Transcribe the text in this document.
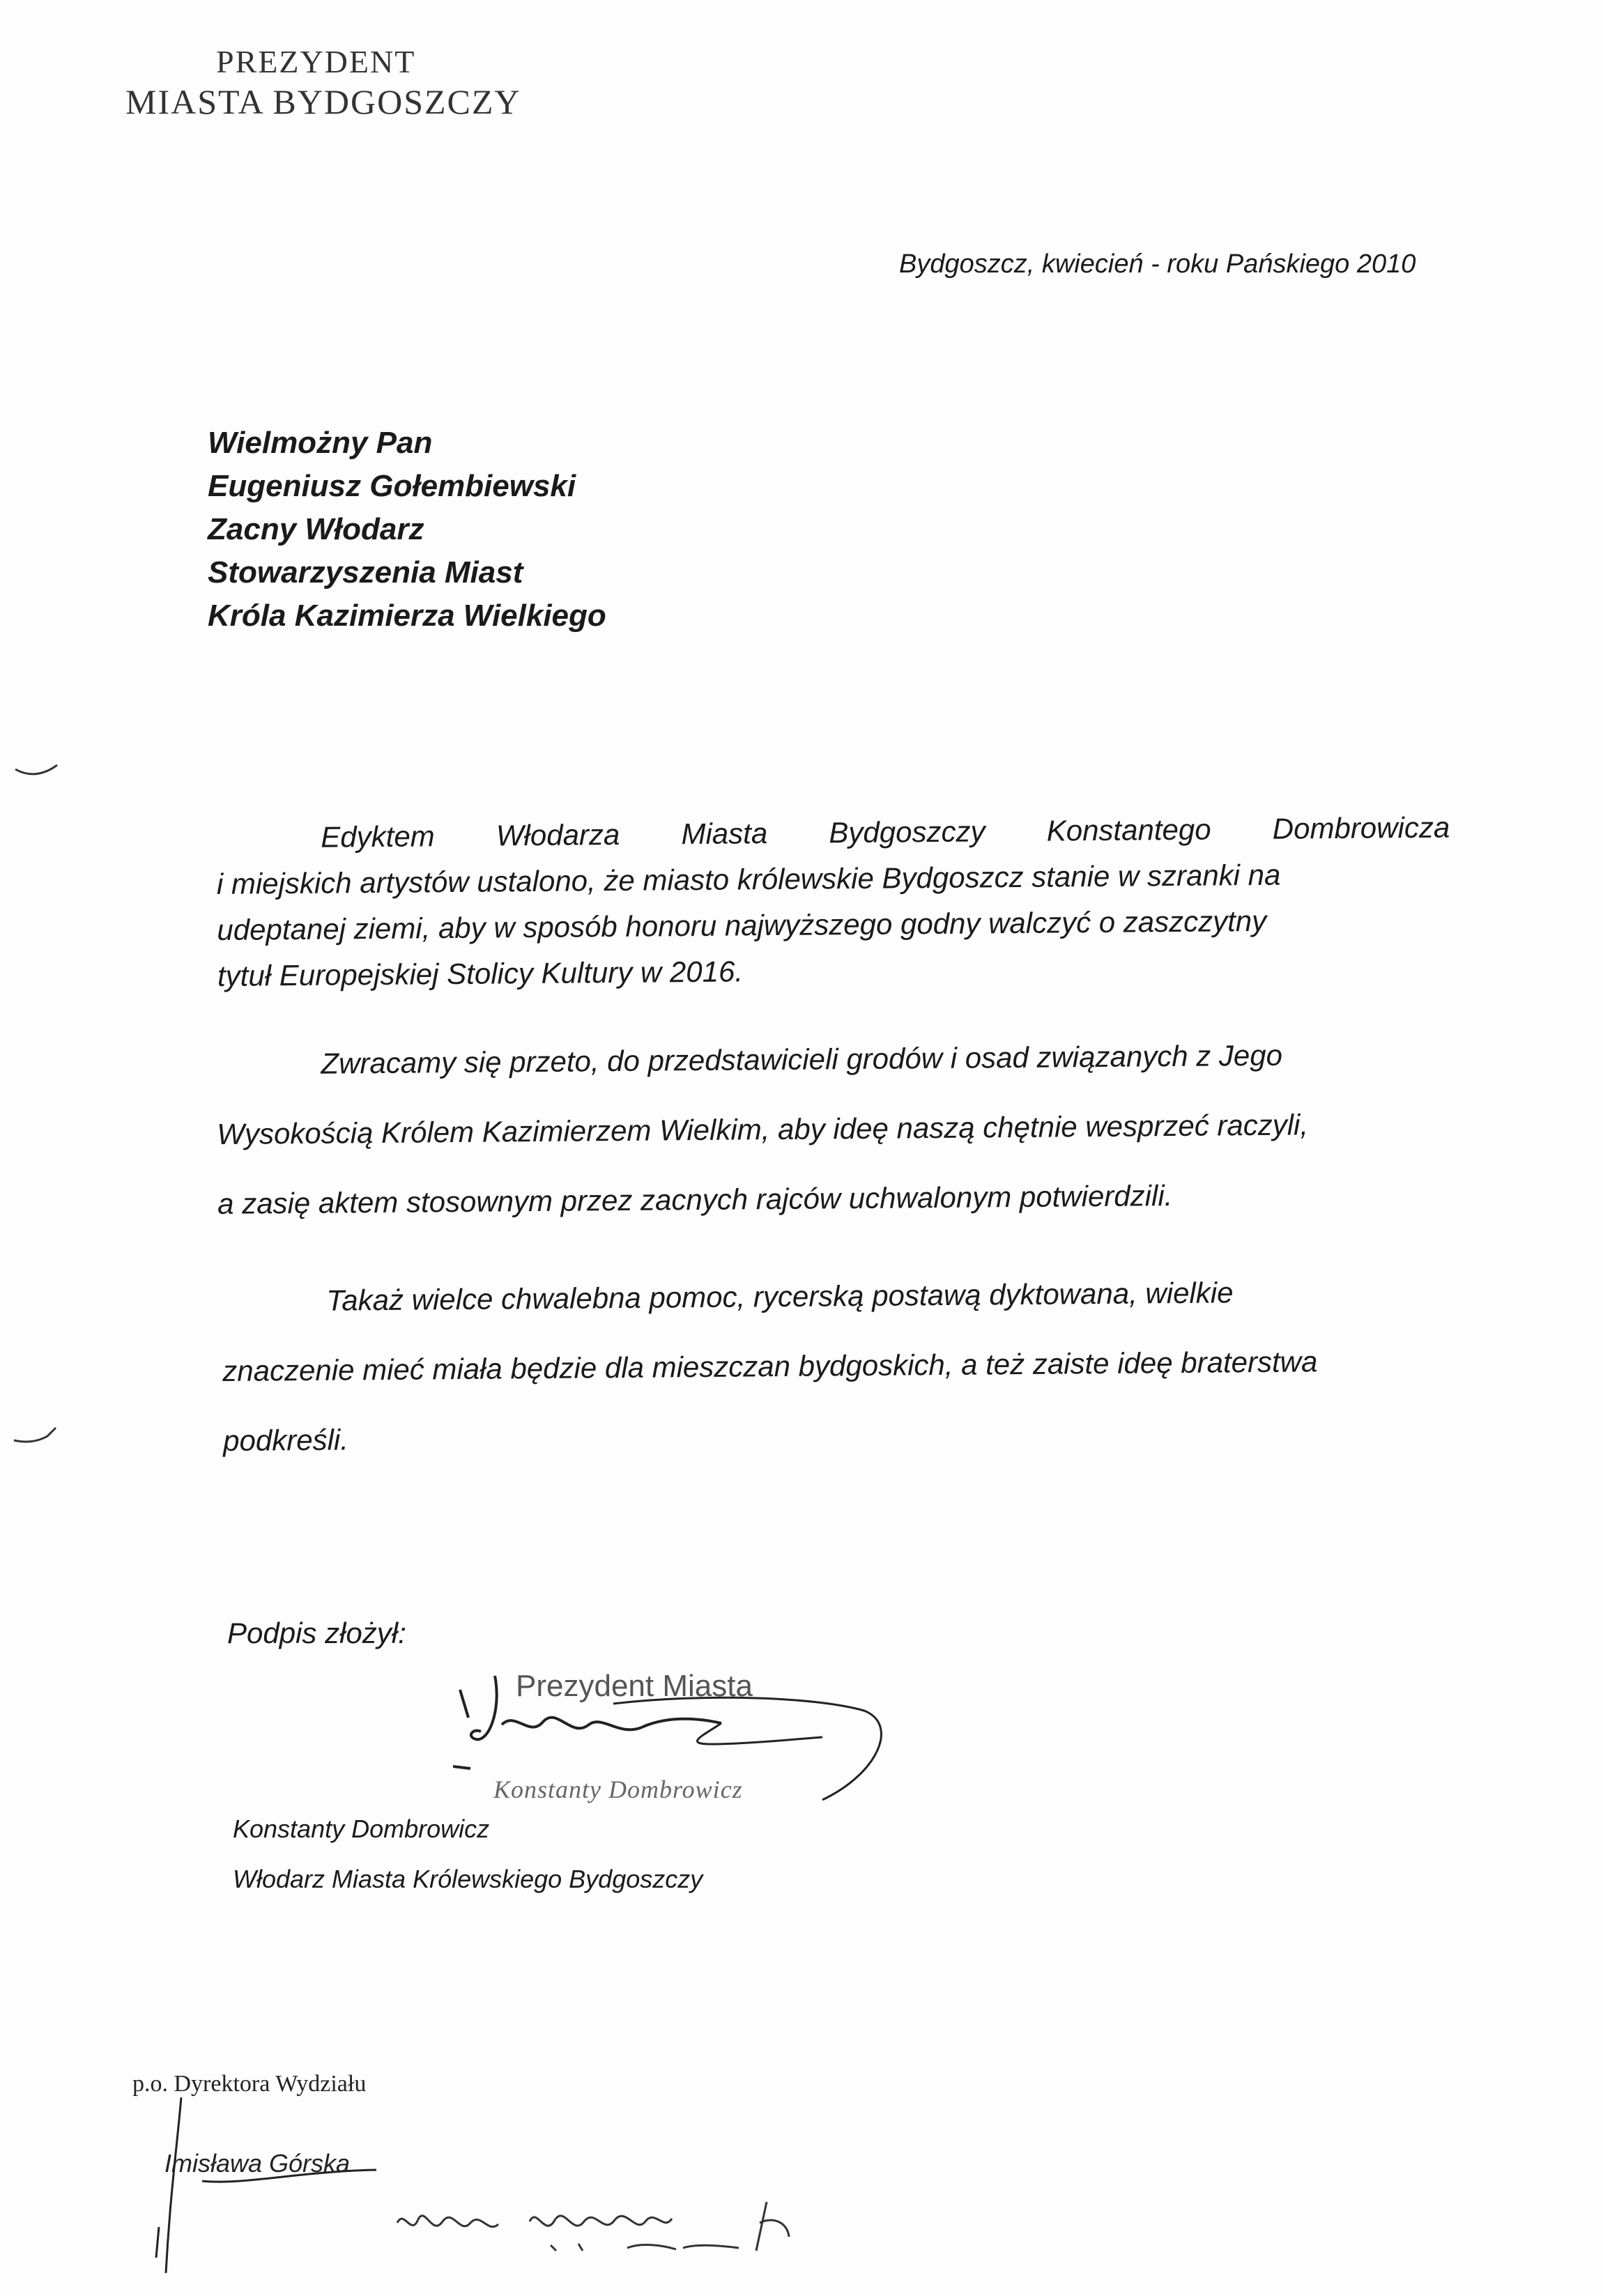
PREZYDENT
MIASTA BYDGOSZCZY
Bydgoszcz, kwiecień - roku Pańskiego 2010
Wielmożny Pan
Eugeniusz Gołembiewski
Zacny Włodarz
Stowarzyszenia Miast
Króla Kazimierza Wielkiego
Edyktem Włodarza Miasta Bydgoszczy Konstantego Dombrowicza
i miejskich artystów ustalono, że miasto królewskie Bydgoszcz stanie w szranki na
udeptanej ziemi, aby w sposób honoru najwyższego godny walczyć o zaszczytny
tytuł Europejskiej Stolicy Kultury w 2016.
Zwracamy się przeto, do przedstawicieli grodów i osad związanych z Jego
Wysokością Królem Kazimierzem Wielkim, aby ideę naszą chętnie wesprzeć raczyli,
a zasię aktem stosownym przez zacnych rajców uchwalonym potwierdzili.
Takaż wielce chwalebna pomoc, rycerską postawą dyktowana, wielkie
znaczenie mieć miała będzie dla mieszczan bydgoskich, a też zaiste ideę braterstwa
podkreśli.
Podpis złożył:
Prezydent Miasta
Konstanty Dombrowicz
Konstanty Dombrowicz
Włodarz Miasta Królewskiego Bydgoszczy
p.o. Dyrektora Wydziału
Imisława Górska
